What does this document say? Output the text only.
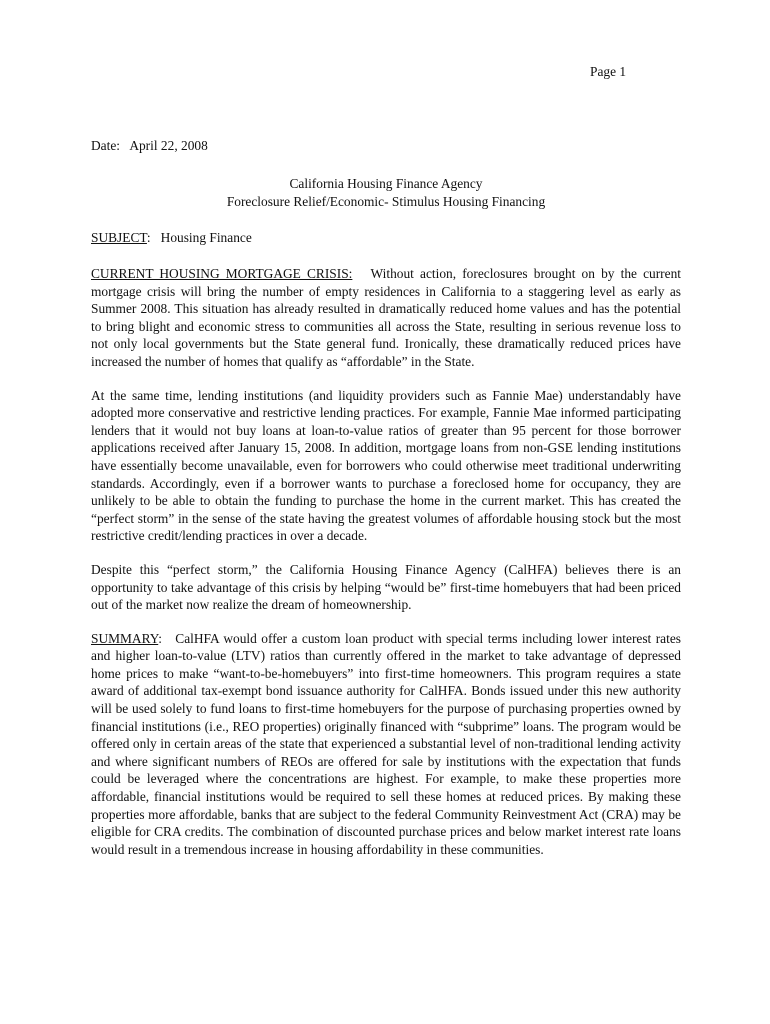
Page 1
Date: April 22, 2008
California Housing Finance Agency
Foreclosure Relief/Economic- Stimulus Housing Financing
SUBJECT:   Housing Finance

CURRENT HOUSING MORTGAGE CRISIS: Without action, foreclosures brought on by the current mortgage crisis will bring the number of empty residences in California to a staggering level as early as Summer 2008. This situation has already resulted in dramatically reduced home values and has the potential to bring blight and economic stress to communities all across the State, resulting in serious revenue loss to not only local governments but the State general fund. Ironically, these dramatically reduced prices have increased the number of homes that qualify as “affordable” in the State.

At the same time, lending institutions (and liquidity providers such as Fannie Mae) understandably have adopted more conservative and restrictive lending practices. For example, Fannie Mae informed participating lenders that it would not buy loans at loan-to-value ratios of greater than 95 percent for those borrower applications received after January 15, 2008. In addition, mortgage loans from non-GSE lending institutions have essentially become unavailable, even for borrowers who could otherwise meet traditional underwriting standards. Accordingly, even if a borrower wants to purchase a foreclosed home for occupancy, they are unlikely to be able to obtain the funding to purchase the home in the current market. This has created the “perfect storm” in the sense of the state having the greatest volumes of affordable housing stock but the most restrictive credit/lending practices in over a decade.

Despite this “perfect storm,” the California Housing Finance Agency (CalHFA) believes there is an opportunity to take advantage of this crisis by helping “would be” first-time homebuyers that had been priced out of the market now realize the dream of homeownership.

SUMMARY:   CalHFA would offer a custom loan product with special terms including lower interest rates and higher loan-to-value (LTV) ratios than currently offered in the market to take advantage of depressed home prices to make “want-to-be-homebuyers” into first-time homeowners. This program requires a state award of additional tax-exempt bond issuance authority for CalHFA. Bonds issued under this new authority will be used solely to fund loans to first-time homebuyers for the purpose of purchasing properties owned by financial institutions (i.e., REO properties) originally financed with “subprime” loans. The program would be offered only in certain areas of the state that experienced a substantial level of non-traditional lending activity and where significant numbers of REOs are offered for sale by institutions with the expectation that funds could be leveraged where the concentrations are highest. For example, to make these properties more affordable, financial institutions would be required to sell these homes at reduced prices. By making these properties more affordable, banks that are subject to the federal Community Reinvestment Act (CRA) may be eligible for CRA credits. The combination of discounted purchase prices and below market interest rate loans would result in a tremendous increase in housing affordability in these communities.
